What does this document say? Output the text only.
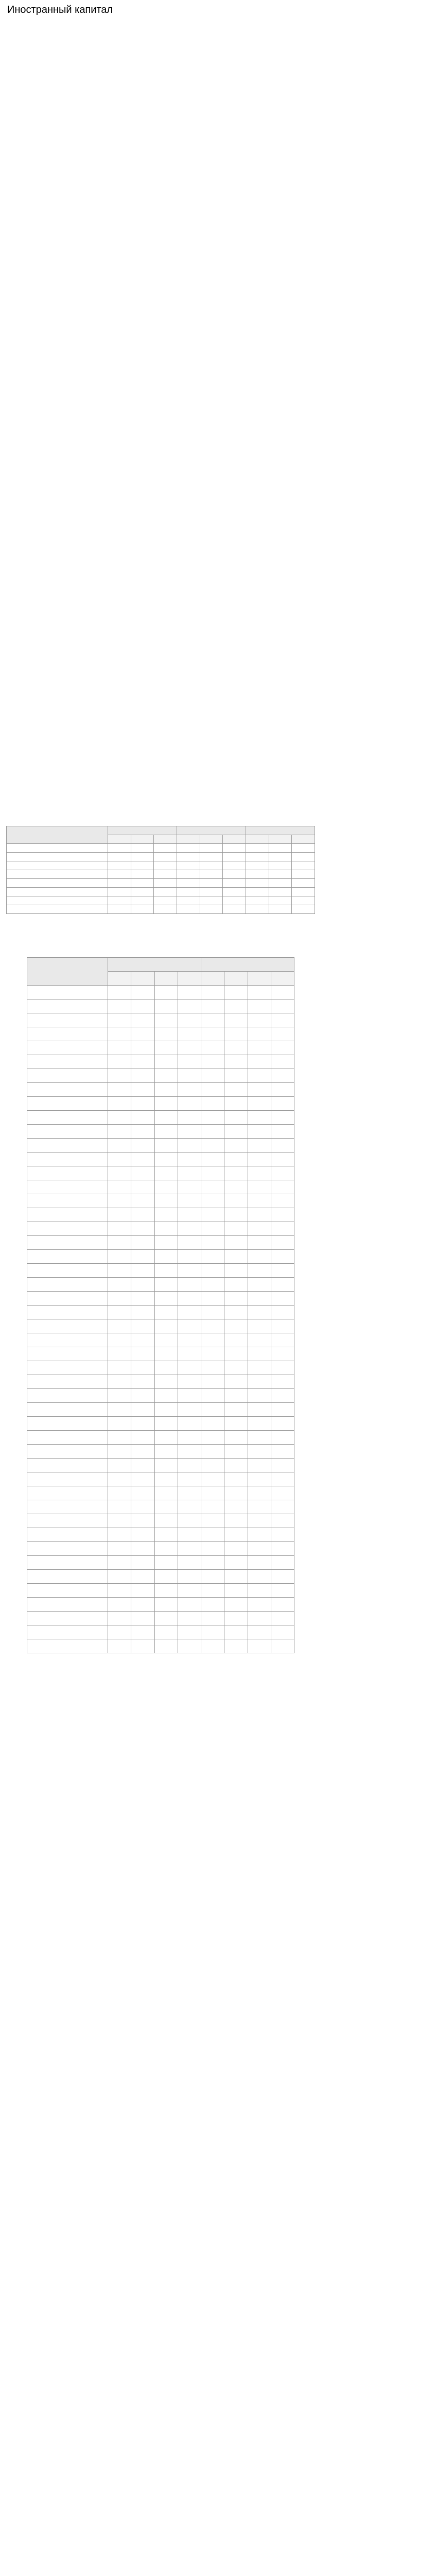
Иностранный капитал
